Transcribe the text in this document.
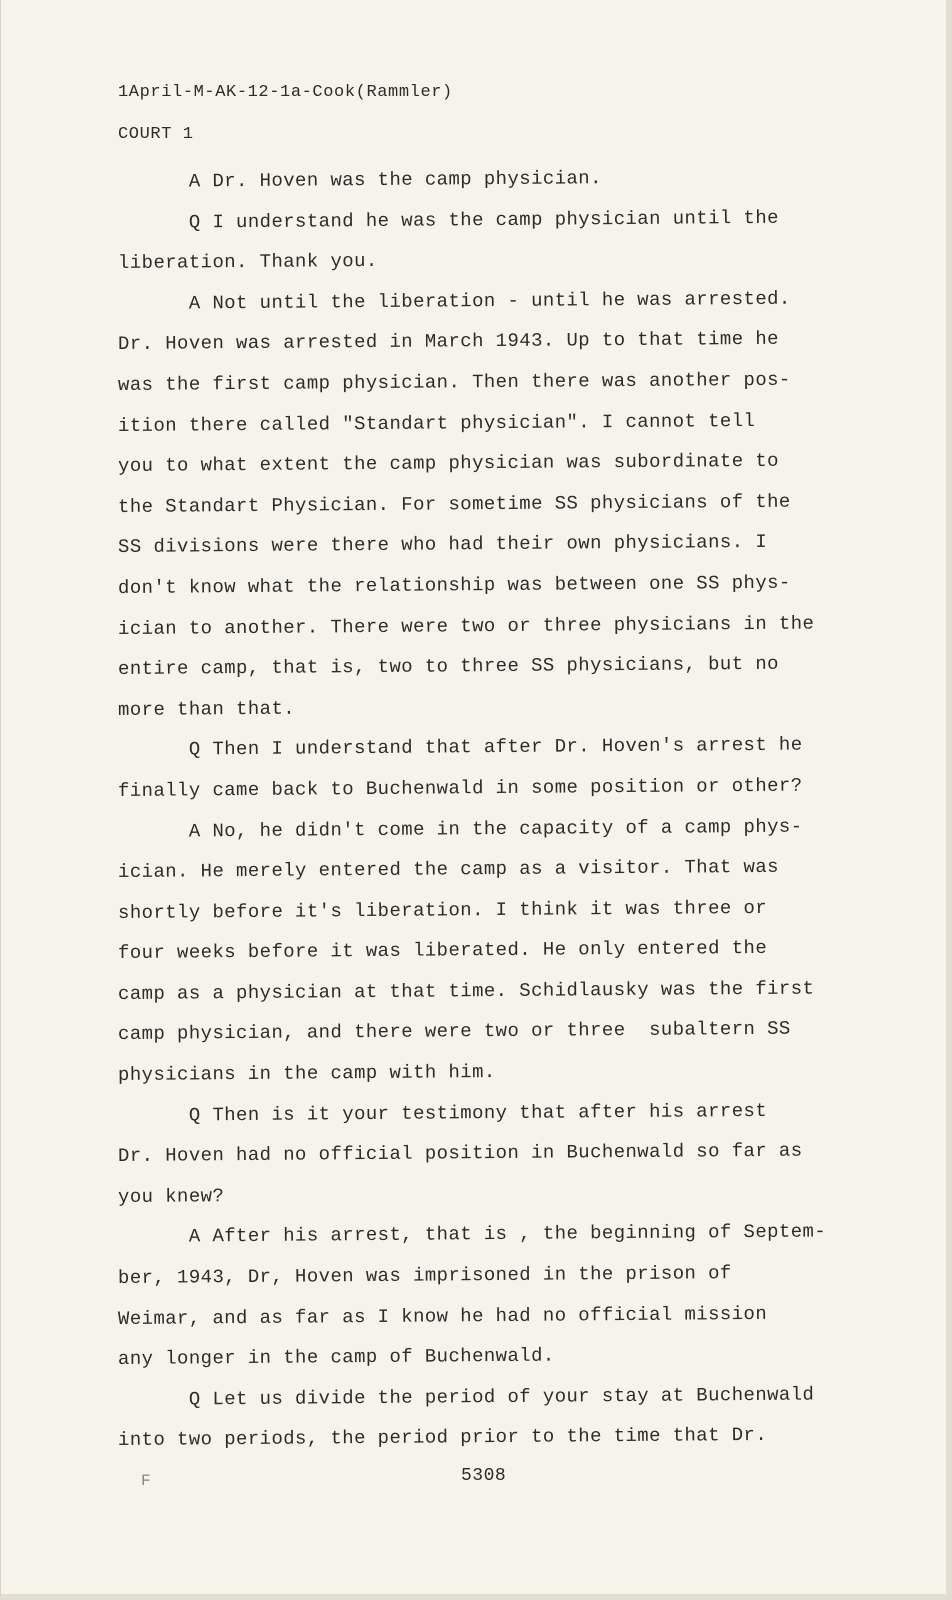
1April-M-AK-12-1a-Cook(Rammler)
COURT 1
A Dr. Hoven was the camp physician.
Q I understand he was the camp physician until the
liberation. Thank you.
A Not until the liberation - until he was arrested.
Dr. Hoven was arrested in March 1943. Up to that time he
was the first camp physician. Then there was another pos-
ition there called "Standart physician". I cannot tell
you to what extent the camp physician was subordinate to
the Standart Physician. For sometime SS physicians of the
SS divisions were there who had their own physicians. I
don't know what the relationship was between one SS phys-
ician to another. There were two or three physicians in the
entire camp, that is, two to three SS physicians, but no
more than that.
Q Then I understand that after Dr. Hoven's arrest he
finally came back to Buchenwald in some position or other?
A No, he didn't come in the capacity of a camp phys-
ician. He merely entered the camp as a visitor. That was
shortly before it's liberation. I think it was three or
four weeks before it was liberated. He only entered the
camp as a physician at that time. Schidlausky was the first
camp physician, and there were two or three  subaltern SS
physicians in the camp with him.
Q Then is it your testimony that after his arrest
Dr. Hoven had no official position in Buchenwald so far as
you knew?
A After his arrest, that is , the beginning of Septem-
ber, 1943, Dr, Hoven was imprisoned in the prison of
Weimar, and as far as I know he had no official mission
any longer in the camp of Buchenwald.
Q Let us divide the period of your stay at Buchenwald
into two periods, the period prior to the time that Dr.
F	5308
